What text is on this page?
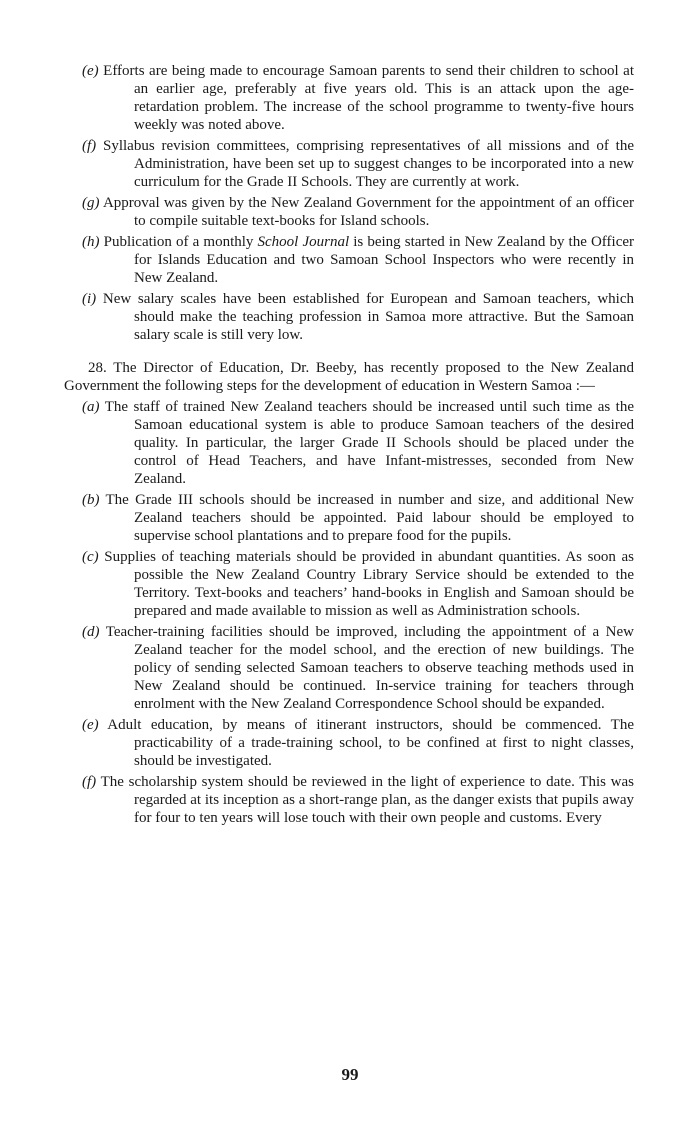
(e) Efforts are being made to encourage Samoan parents to send their children to school at an earlier age, preferably at five years old. This is an attack upon the age-retardation problem. The increase of the school programme to twenty-five hours weekly was noted above.

(f) Syllabus revision committees, comprising representatives of all missions and of the Administration, have been set up to suggest changes to be incorporated into a new curriculum for the Grade II Schools. They are currently at work.

(g) Approval was given by the New Zealand Government for the appointment of an officer to compile suitable text-books for Island schools.

(h) Publication of a monthly School Journal is being started in New Zealand by the Officer for Islands Education and two Samoan School Inspectors who were recently in New Zealand.

(i) New salary scales have been established for European and Samoan teachers, which should make the teaching profession in Samoa more attractive. But the Samoan salary scale is still very low.

28. The Director of Education, Dr. Beeby, has recently proposed to the New Zealand Government the following steps for the development of education in Western Samoa :—

(a) The staff of trained New Zealand teachers should be increased until such time as the Samoan educational system is able to produce Samoan teachers of the desired quality. In particular, the larger Grade II Schools should be placed under the control of Head Teachers, and have Infant-mistresses, seconded from New Zealand.

(b) The Grade III schools should be increased in number and size, and additional New Zealand teachers should be appointed. Paid labour should be employed to supervise school plantations and to prepare food for the pupils.

(c) Supplies of teaching materials should be provided in abundant quantities. As soon as possible the New Zealand Country Library Service should be extended to the Territory. Text-books and teachers’ hand-books in English and Samoan should be prepared and made available to mission as well as Administration schools.

(d) Teacher-training facilities should be improved, including the appointment of a New Zealand teacher for the model school, and the erection of new buildings. The policy of sending selected Samoan teachers to observe teaching methods used in New Zealand should be continued. In-service training for teachers through enrolment with the New Zealand Correspondence School should be expanded.

(e) Adult education, by means of itinerant instructors, should be commenced. The practicability of a trade-training school, to be confined at first to night classes, should be investigated.

(f) The scholarship system should be reviewed in the light of experience to date. This was regarded at its inception as a short-range plan, as the danger exists that pupils away for four to ten years will lose touch with their own people and customs. Every

99
